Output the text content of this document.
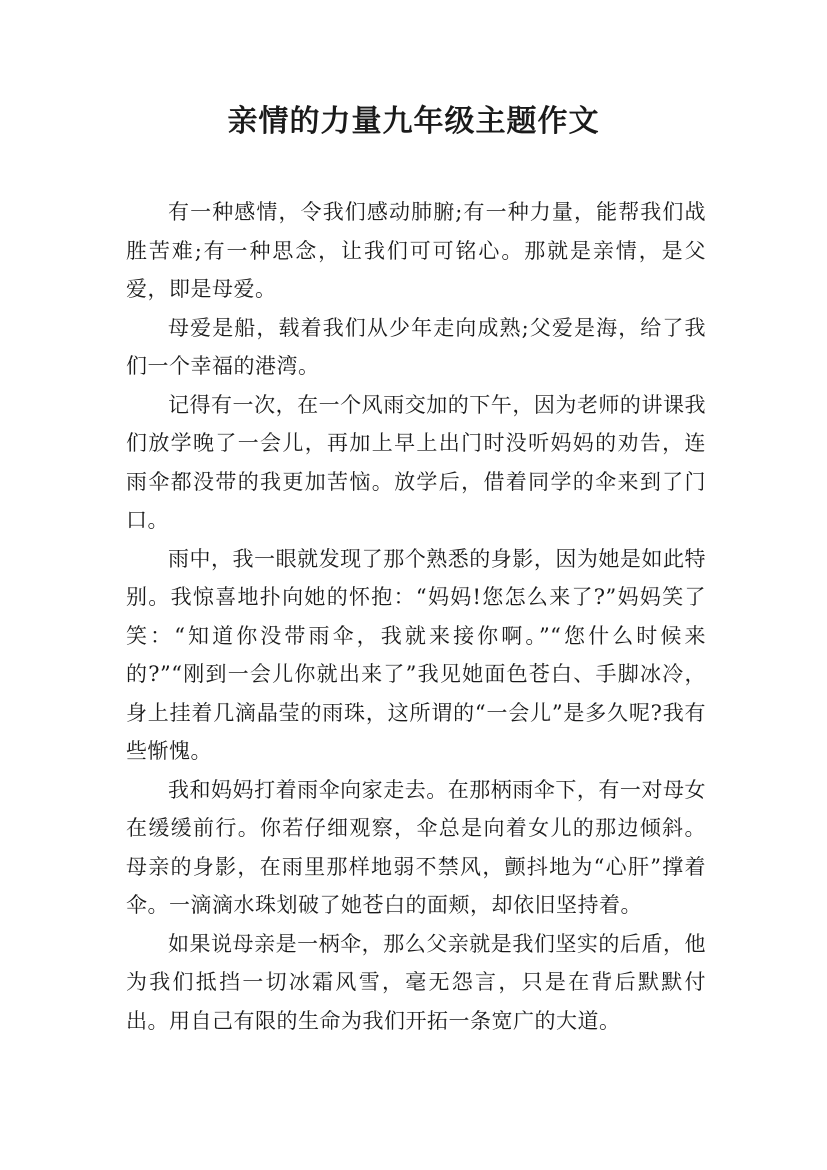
亲情的力量九年级主题作文

有一种感情，令我们感动肺腑;有一种力量，能帮我们战胜苦难;有一种思念，让我们可可铭心。那就是亲情，是父爱，即是母爱。

母爱是船，载着我们从少年走向成熟;父爱是海，给了我们一个幸福的港湾。

记得有一次，在一个风雨交加的下午，因为老师的讲课我们放学晚了一会儿，再加上早上出门时没听妈妈的劝告，连雨伞都没带的我更加苦恼。放学后，借着同学的伞来到了门口。

雨中，我一眼就发现了那个熟悉的身影，因为她是如此特别。我惊喜地扑向她的怀抱：“妈妈!您怎么来了?”妈妈笑了笑：“知道你没带雨伞，我就来接你啊。”“您什么时候来的?”“刚到一会儿你就出来了”我见她面色苍白、手脚冰冷，身上挂着几滴晶莹的雨珠，这所谓的“一会儿”是多久呢?我有些惭愧。

我和妈妈打着雨伞向家走去。在那柄雨伞下，有一对母女在缓缓前行。你若仔细观察，伞总是向着女儿的那边倾斜。母亲的身影，在雨里那样地弱不禁风，颤抖地为“心肝”撑着伞。一滴滴水珠划破了她苍白的面颊，却依旧坚持着。

如果说母亲是一柄伞，那么父亲就是我们坚实的后盾，他为我们抵挡一切冰霜风雪，毫无怨言，只是在背后默默付出。用自己有限的生命为我们开拓一条宽广的大道。
